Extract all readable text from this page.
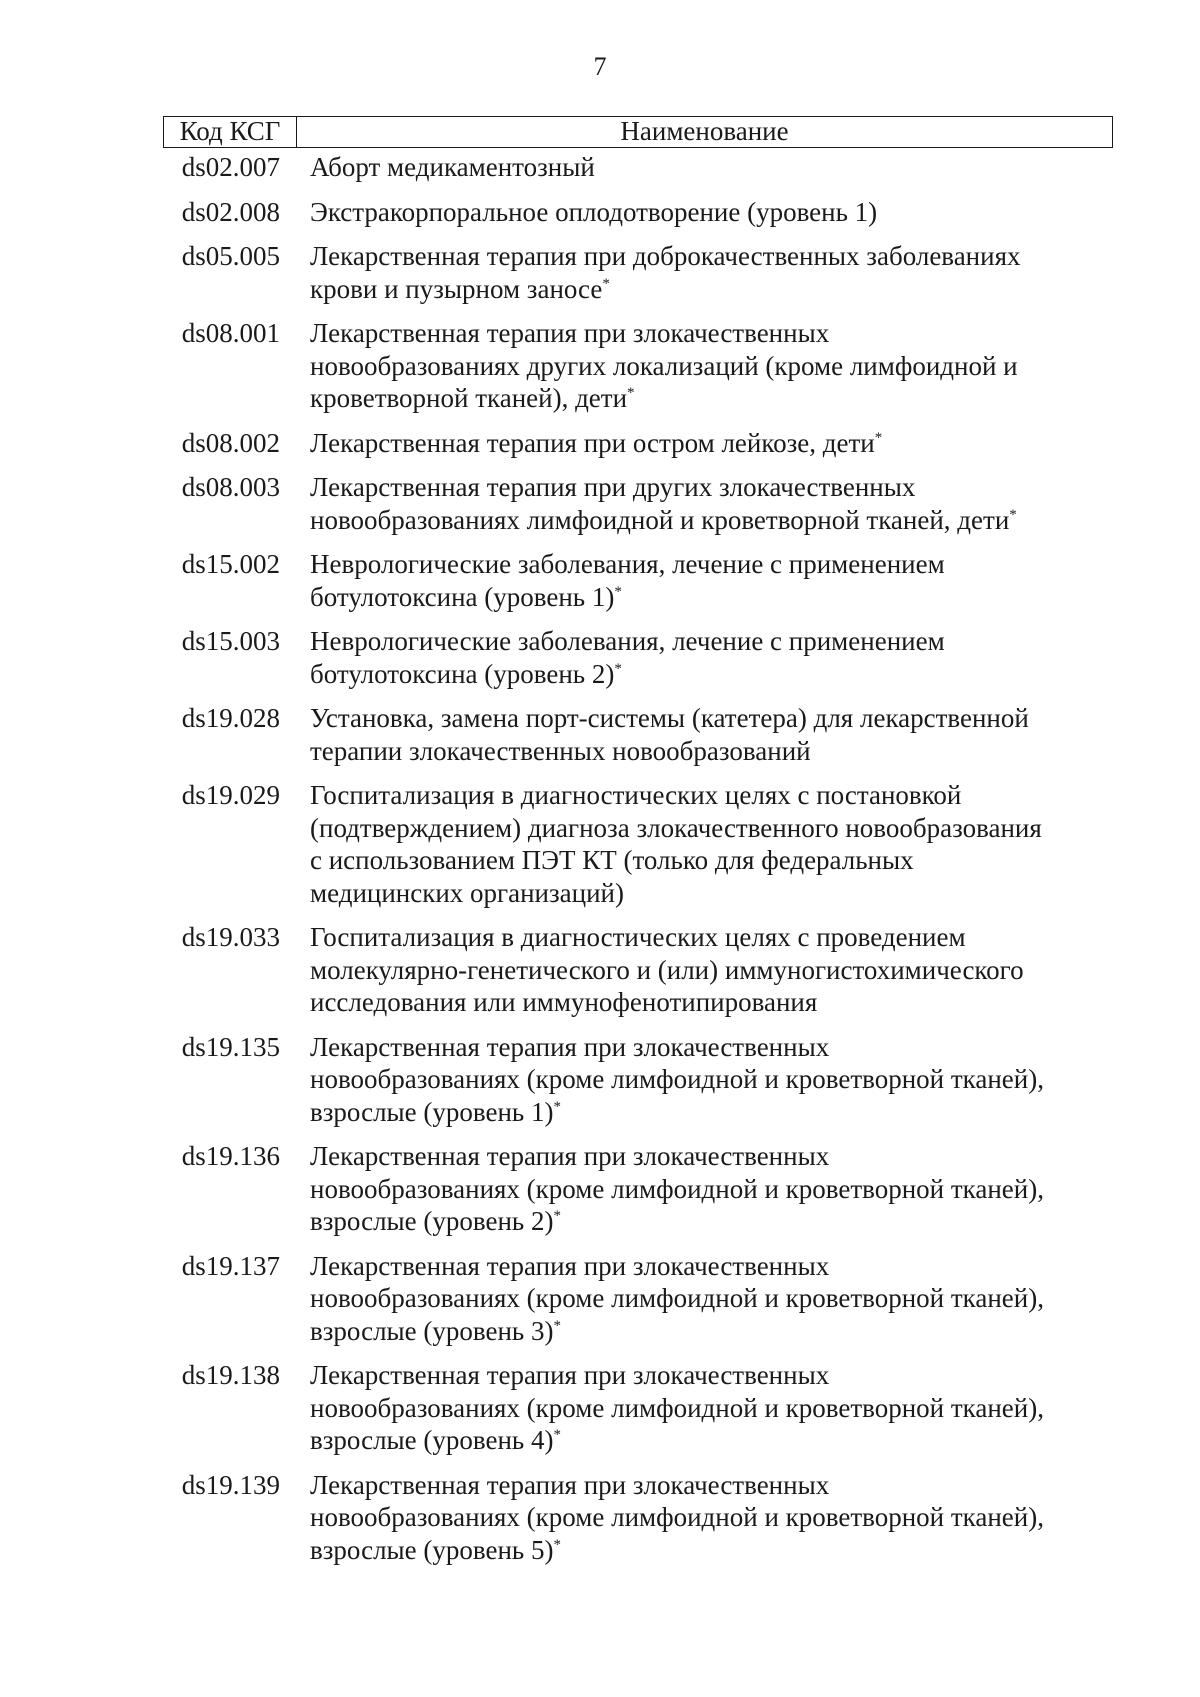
7
Код КСГ	Наименование
ds02.007	Аборт медикаментозный
ds02.008	Экстракорпоральное оплодотворение (уровень 1)
ds05.005	Лекарственная терапия при доброкачественных заболеваниях
крови и пузырном заносе*
ds08.001	Лекарственная терапия при злокачественных
новообразованиях других локализаций (кроме лимфоидной и
кроветворной тканей), дети*
ds08.002	Лекарственная терапия при остром лейкозе, дети*
ds08.003	Лекарственная терапия при других злокачественных
новообразованиях лимфоидной и кроветворной тканей, дети*
ds15.002	Неврологические заболевания, лечение с применением
ботулотоксина (уровень 1)*
ds15.003	Неврологические заболевания, лечение с применением
ботулотоксина (уровень 2)*
ds19.028	Установка, замена порт-системы (катетера) для лекарственной
терапии злокачественных новообразований
ds19.029	Госпитализация в диагностических целях с постановкой
(подтверждением) диагноза злокачественного новообразования
с использованием ПЭТ КТ (только для федеральных
медицинских организаций)
ds19.033	Госпитализация в диагностических целях с проведением
молекулярно-генетического и (или) иммуногистохимического
исследования или иммунофенотипирования
ds19.135	Лекарственная терапия при злокачественных
новообразованиях (кроме лимфоидной и кроветворной тканей),
взрослые (уровень 1)*
ds19.136	Лекарственная терапия при злокачественных
новообразованиях (кроме лимфоидной и кроветворной тканей),
взрослые (уровень 2)*
ds19.137	Лекарственная терапия при злокачественных
новообразованиях (кроме лимфоидной и кроветворной тканей),
взрослые (уровень 3)*
ds19.138	Лекарственная терапия при злокачественных
новообразованиях (кроме лимфоидной и кроветворной тканей),
взрослые (уровень 4)*
ds19.139	Лекарственная терапия при злокачественных
новообразованиях (кроме лимфоидной и кроветворной тканей),
взрослые (уровень 5)*
